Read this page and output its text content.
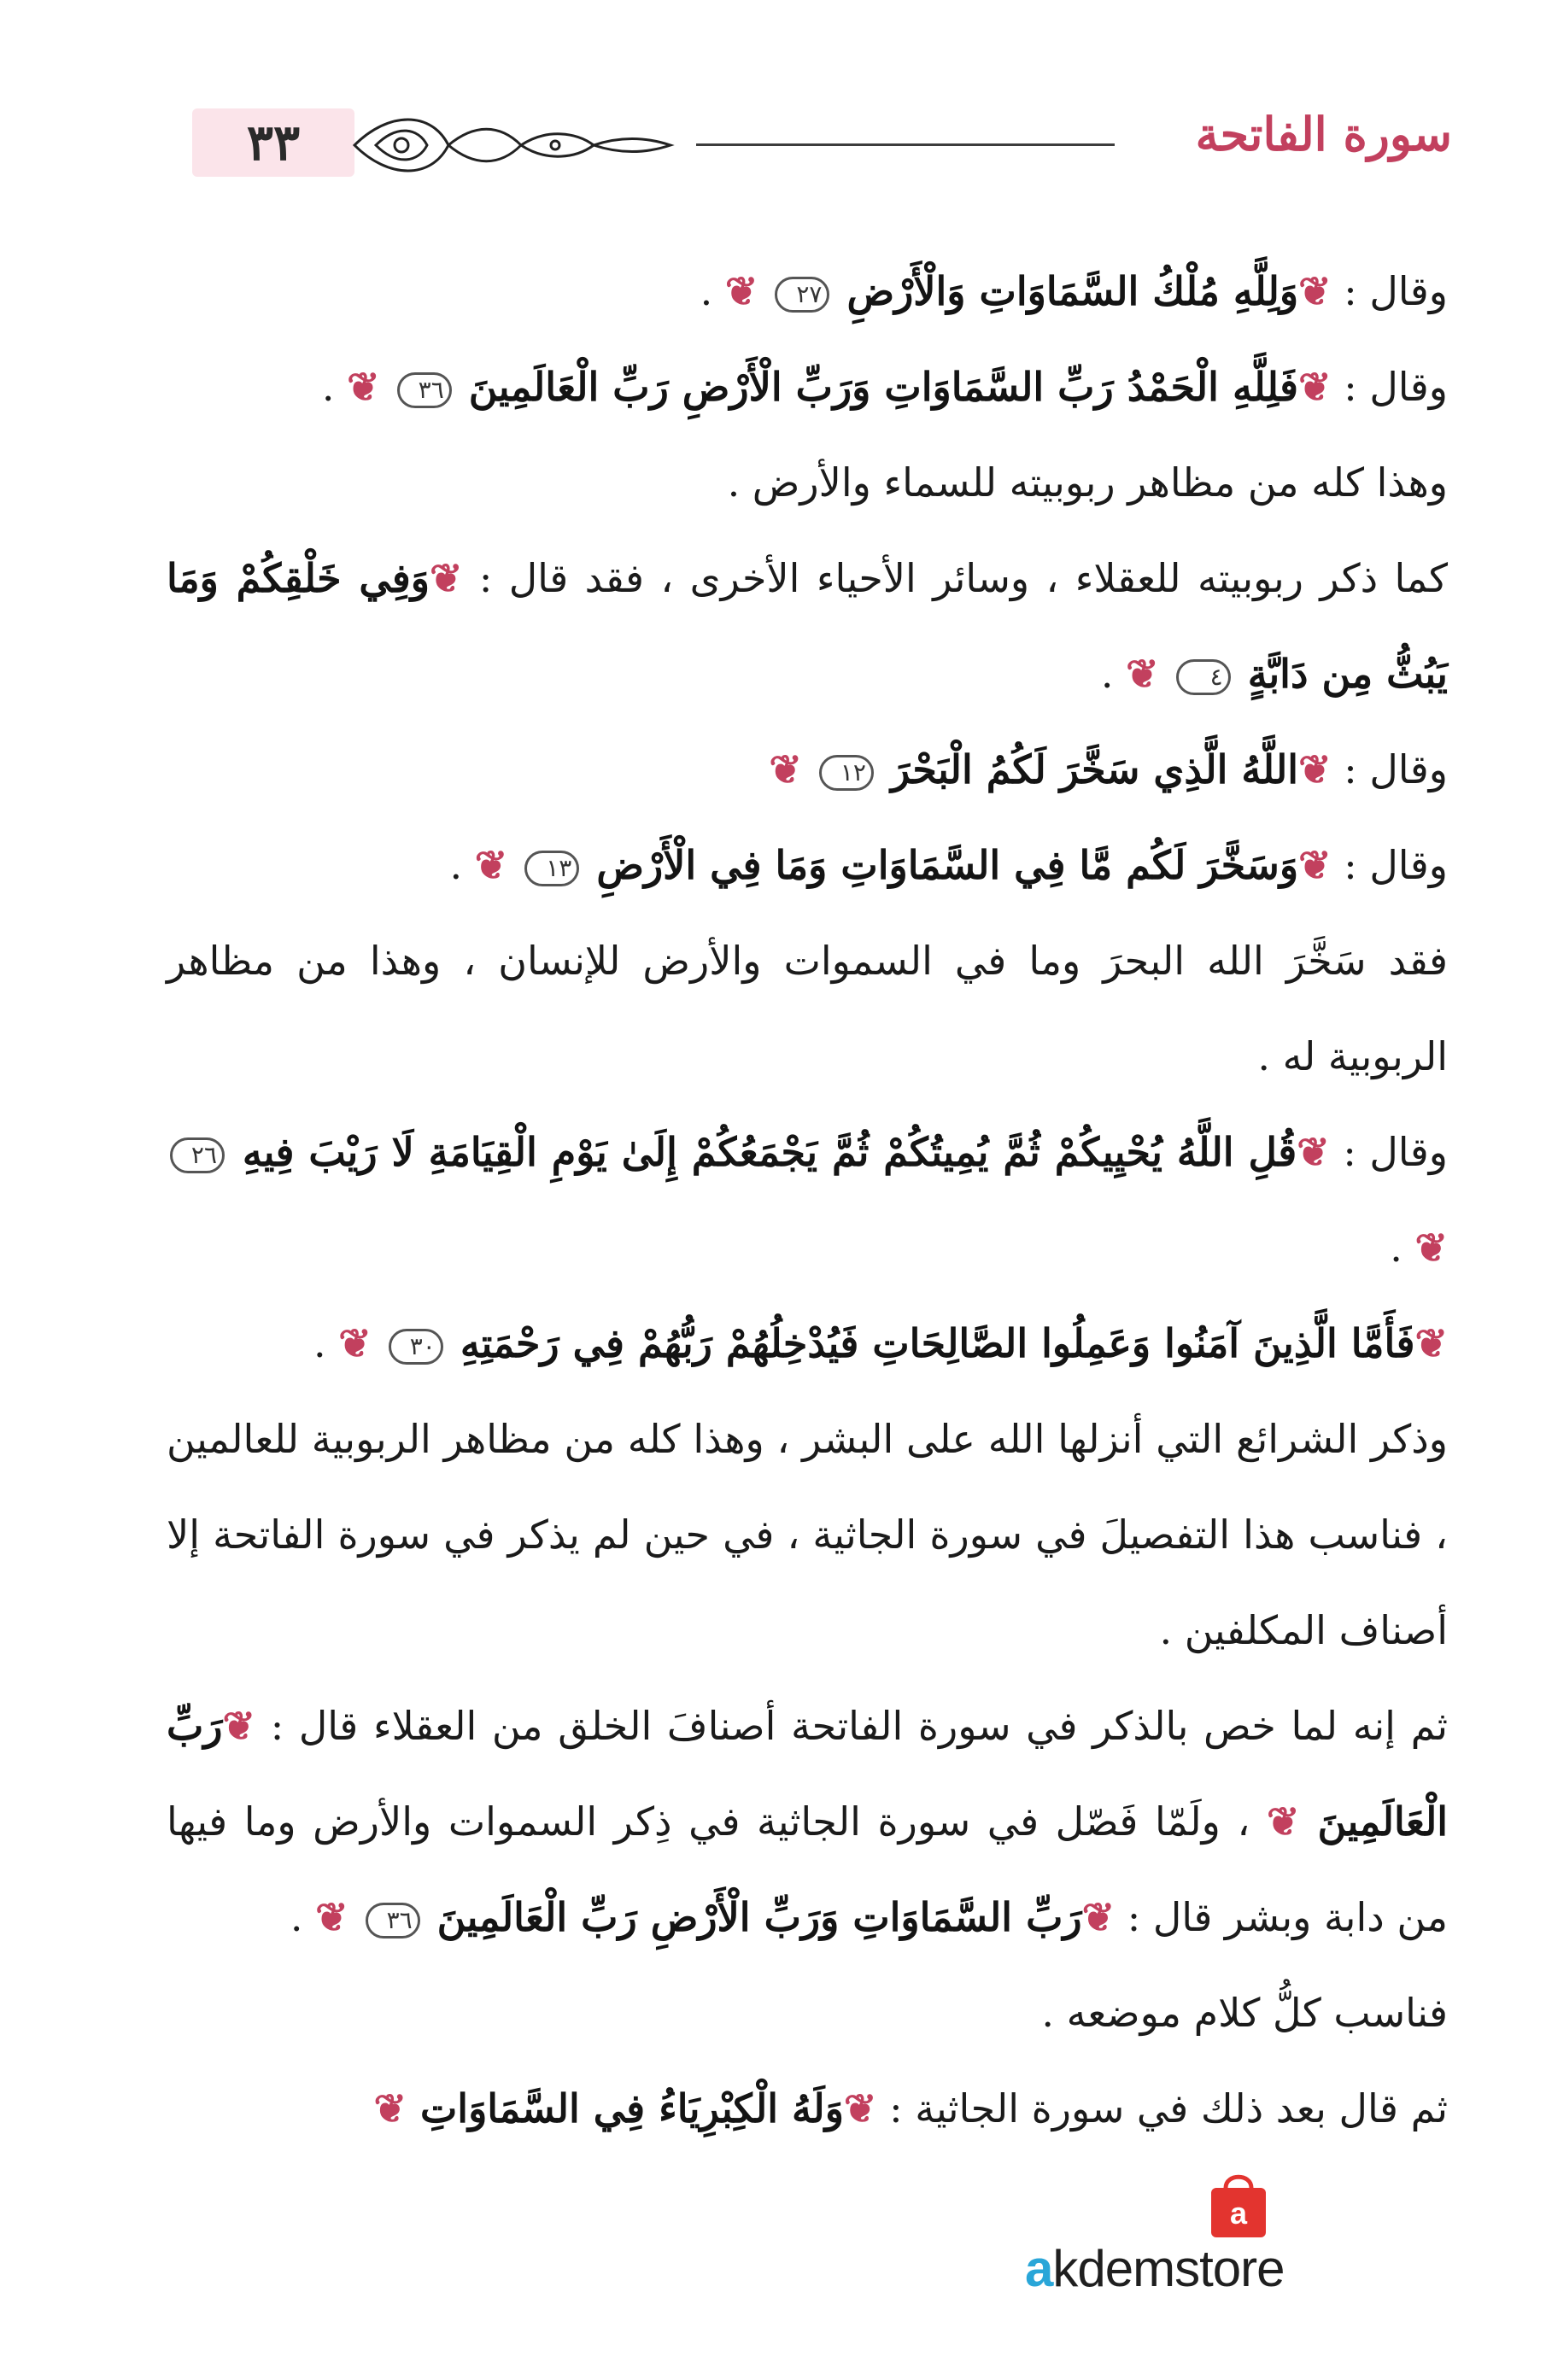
٣٣	سورة الفاتحة

وقال : ❦ وَلِلَّهِ مُلْكُ السَّمَاوَاتِ وَالْأَرْضِ ٢٧ ❦ .

وقال : ❦ فَلِلَّهِ الْحَمْدُ رَبِّ السَّمَاوَاتِ وَرَبِّ الْأَرْضِ رَبِّ الْعَالَمِينَ ٣٦ ❦ .

وهذا كله من مظاهر ربوبيته للسماء والأرض .

كما ذكر ربوبيته للعقلاء ، وسائر الأحياء الأخرى ، فقد قال : ❦ وَفِي خَلْقِكُمْ وَمَا يَبُثُّ مِن دَابَّةٍ ٤ ❦ .

وقال : ❦ اللَّهُ الَّذِي سَخَّرَ لَكُمُ الْبَحْرَ ١٢ ❦

وقال : ❦ وَسَخَّرَ لَكُم مَّا فِي السَّمَاوَاتِ وَمَا فِي الْأَرْضِ ١٣ ❦ .

فقد سَخَّرَ الله البحرَ وما في السموات والأرض للإنسان ، وهذا من مظاهر الربوبية له .

وقال : ❦ قُلِ اللَّهُ يُحْيِيكُمْ ثُمَّ يُمِيتُكُمْ ثُمَّ يَجْمَعُكُمْ إِلَىٰ يَوْمِ الْقِيَامَةِ لَا رَيْبَ فِيهِ ٢٦ ❦ .

❦ فَأَمَّا الَّذِينَ آمَنُوا وَعَمِلُوا الصَّالِحَاتِ فَيُدْخِلُهُمْ رَبُّهُمْ فِي رَحْمَتِهِ ٣٠ ❦ .

وذكر الشرائع التي أنزلها الله على البشر ، وهذا كله من مظاهر الربوبية للعالمين ، فناسب هذا التفصيلَ في سورة الجاثية ، في حين لم يذكر في سورة الفاتحة إلا أصناف المكلفين .

ثم إنه لما خص بالذكر في سورة الفاتحة أصنافَ الخلق من العقلاء قال : ❦ رَبِّ الْعَالَمِينَ ❦ ، ولَمّا فَصّل في سورة الجاثية في ذِكر السموات والأرض وما فيها من دابة وبشر قال : ❦ رَبِّ السَّمَاوَاتِ وَرَبِّ الْأَرْضِ رَبِّ الْعَالَمِينَ ٣٦ ❦ .

فناسب كلُّ كلام موضعه .

ثم قال بعد ذلك في سورة الجاثية : ❦ وَلَهُ الْكِبْرِيَاءُ فِي السَّمَاوَاتِ ❦

a
akdemstore
